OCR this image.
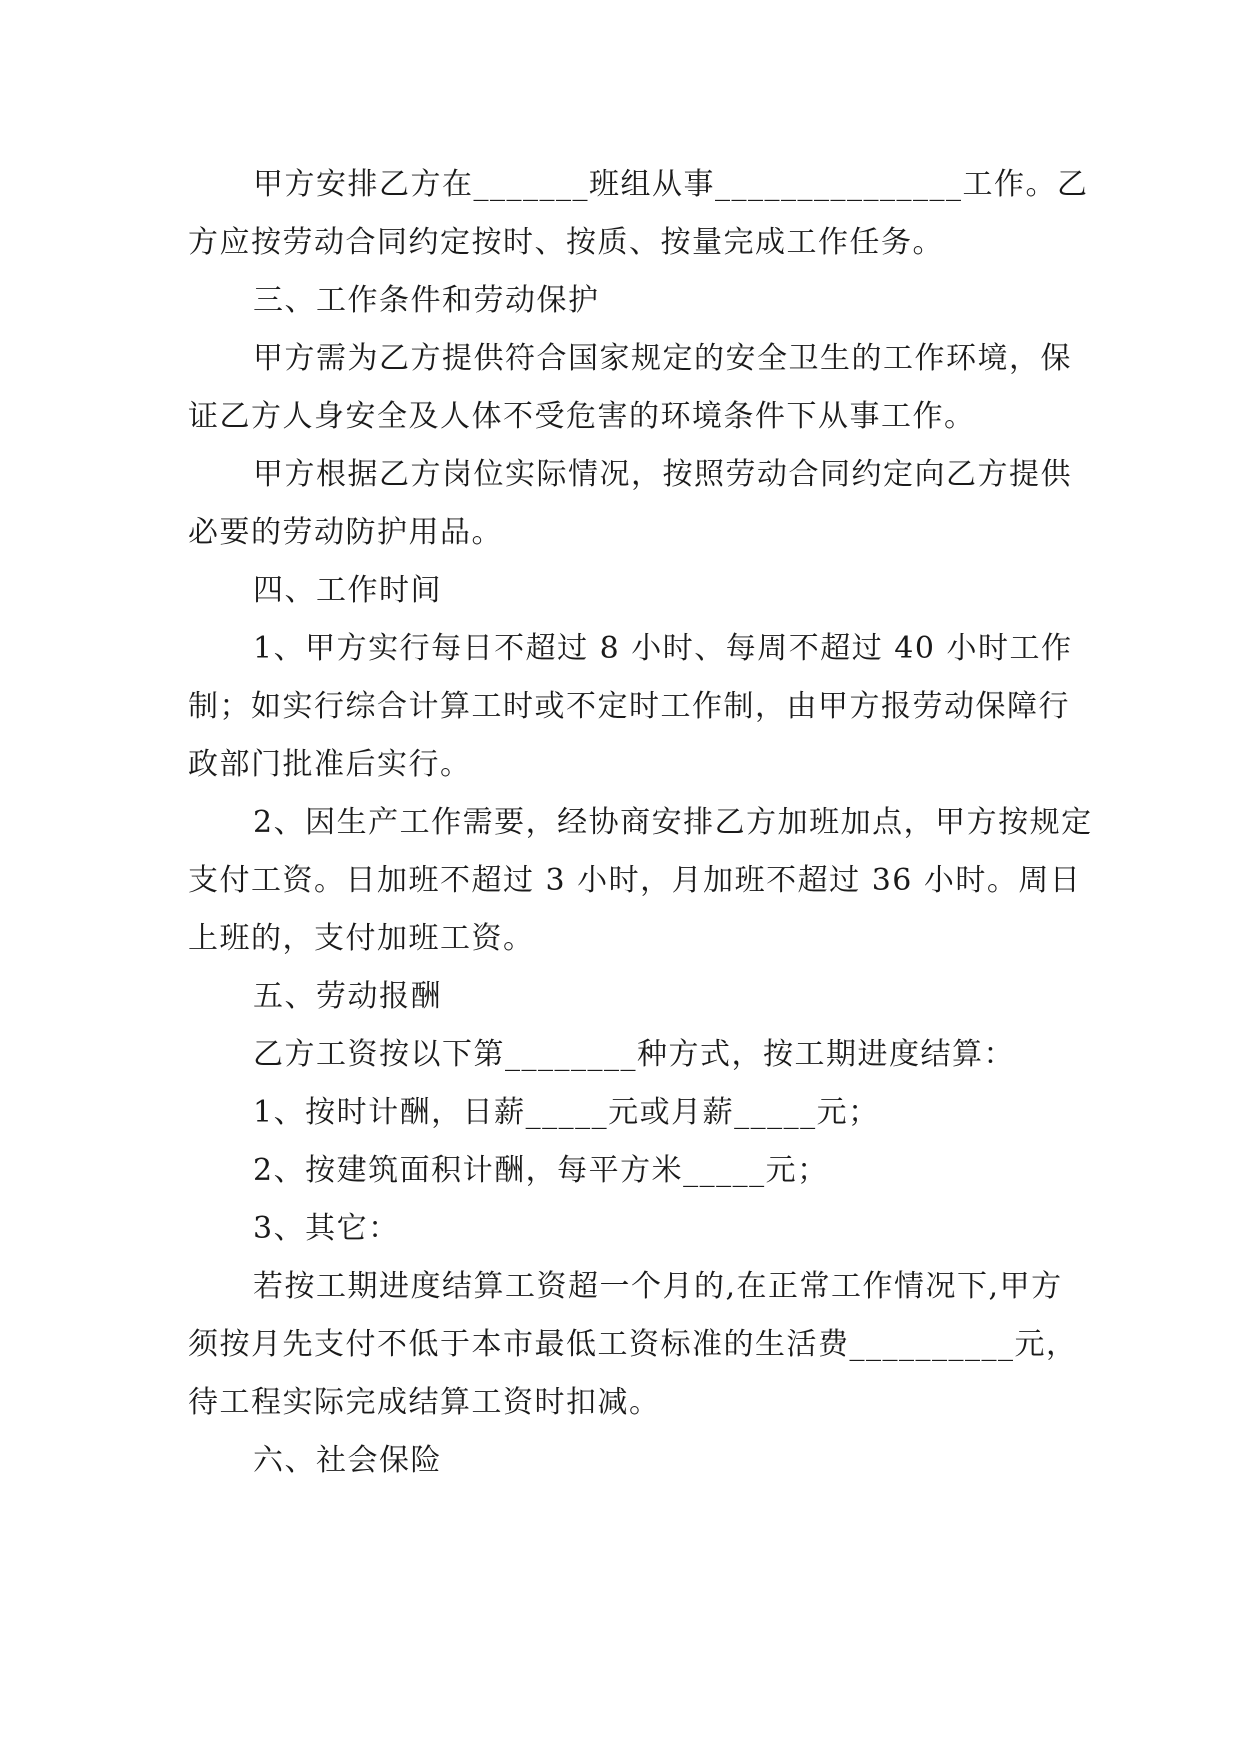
甲方安排乙方在_______班组从事_______________工作。乙方应按劳动合同约定按时、按质、按量完成工作任务。

三、工作条件和劳动保护

甲方需为乙方提供符合国家规定的安全卫生的工作环境，保证乙方人身安全及人体不受危害的环境条件下从事工作。

甲方根据乙方岗位实际情况，按照劳动合同约定向乙方提供必要的劳动防护用品。

四、工作时间

1、甲方实行每日不超过 8 小时、每周不超过 40 小时工作制；如实行综合计算工时或不定时工作制，由甲方报劳动保障行政部门批准后实行。

2、因生产工作需要，经协商安排乙方加班加点，甲方按规定支付工资。日加班不超过 3 小时，月加班不超过 36 小时。周日上班的，支付加班工资。

五、劳动报酬

乙方工资按以下第________种方式，按工期进度结算：

1、按时计酬，日薪_____元或月薪_____元；

2、按建筑面积计酬，每平方米_____元；

3、其它：

若按工期进度结算工资超一个月的,在正常工作情况下,甲方须按月先支付不低于本市最低工资标准的生活费__________元，待工程实际完成结算工资时扣减。

六、社会保险
